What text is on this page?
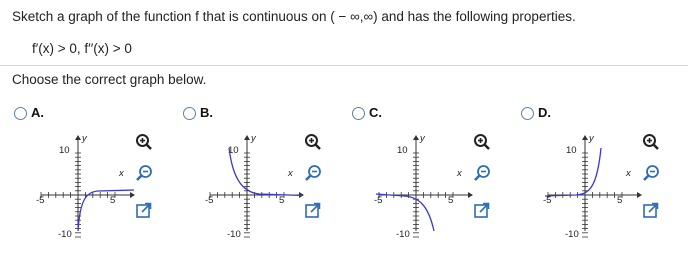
Sketch a graph of the function f that is continuous on ( − ∞,∞) and has the following properties.
f′(x) > 0, f′′(x) > 0
Choose the correct graph below.
A.
y
x
10
-10
-5	5
B.
y
x
10
-10
-5	5
C.
y
x
10
-10
-5	5
D.
y
x
10
-10
-5	5
